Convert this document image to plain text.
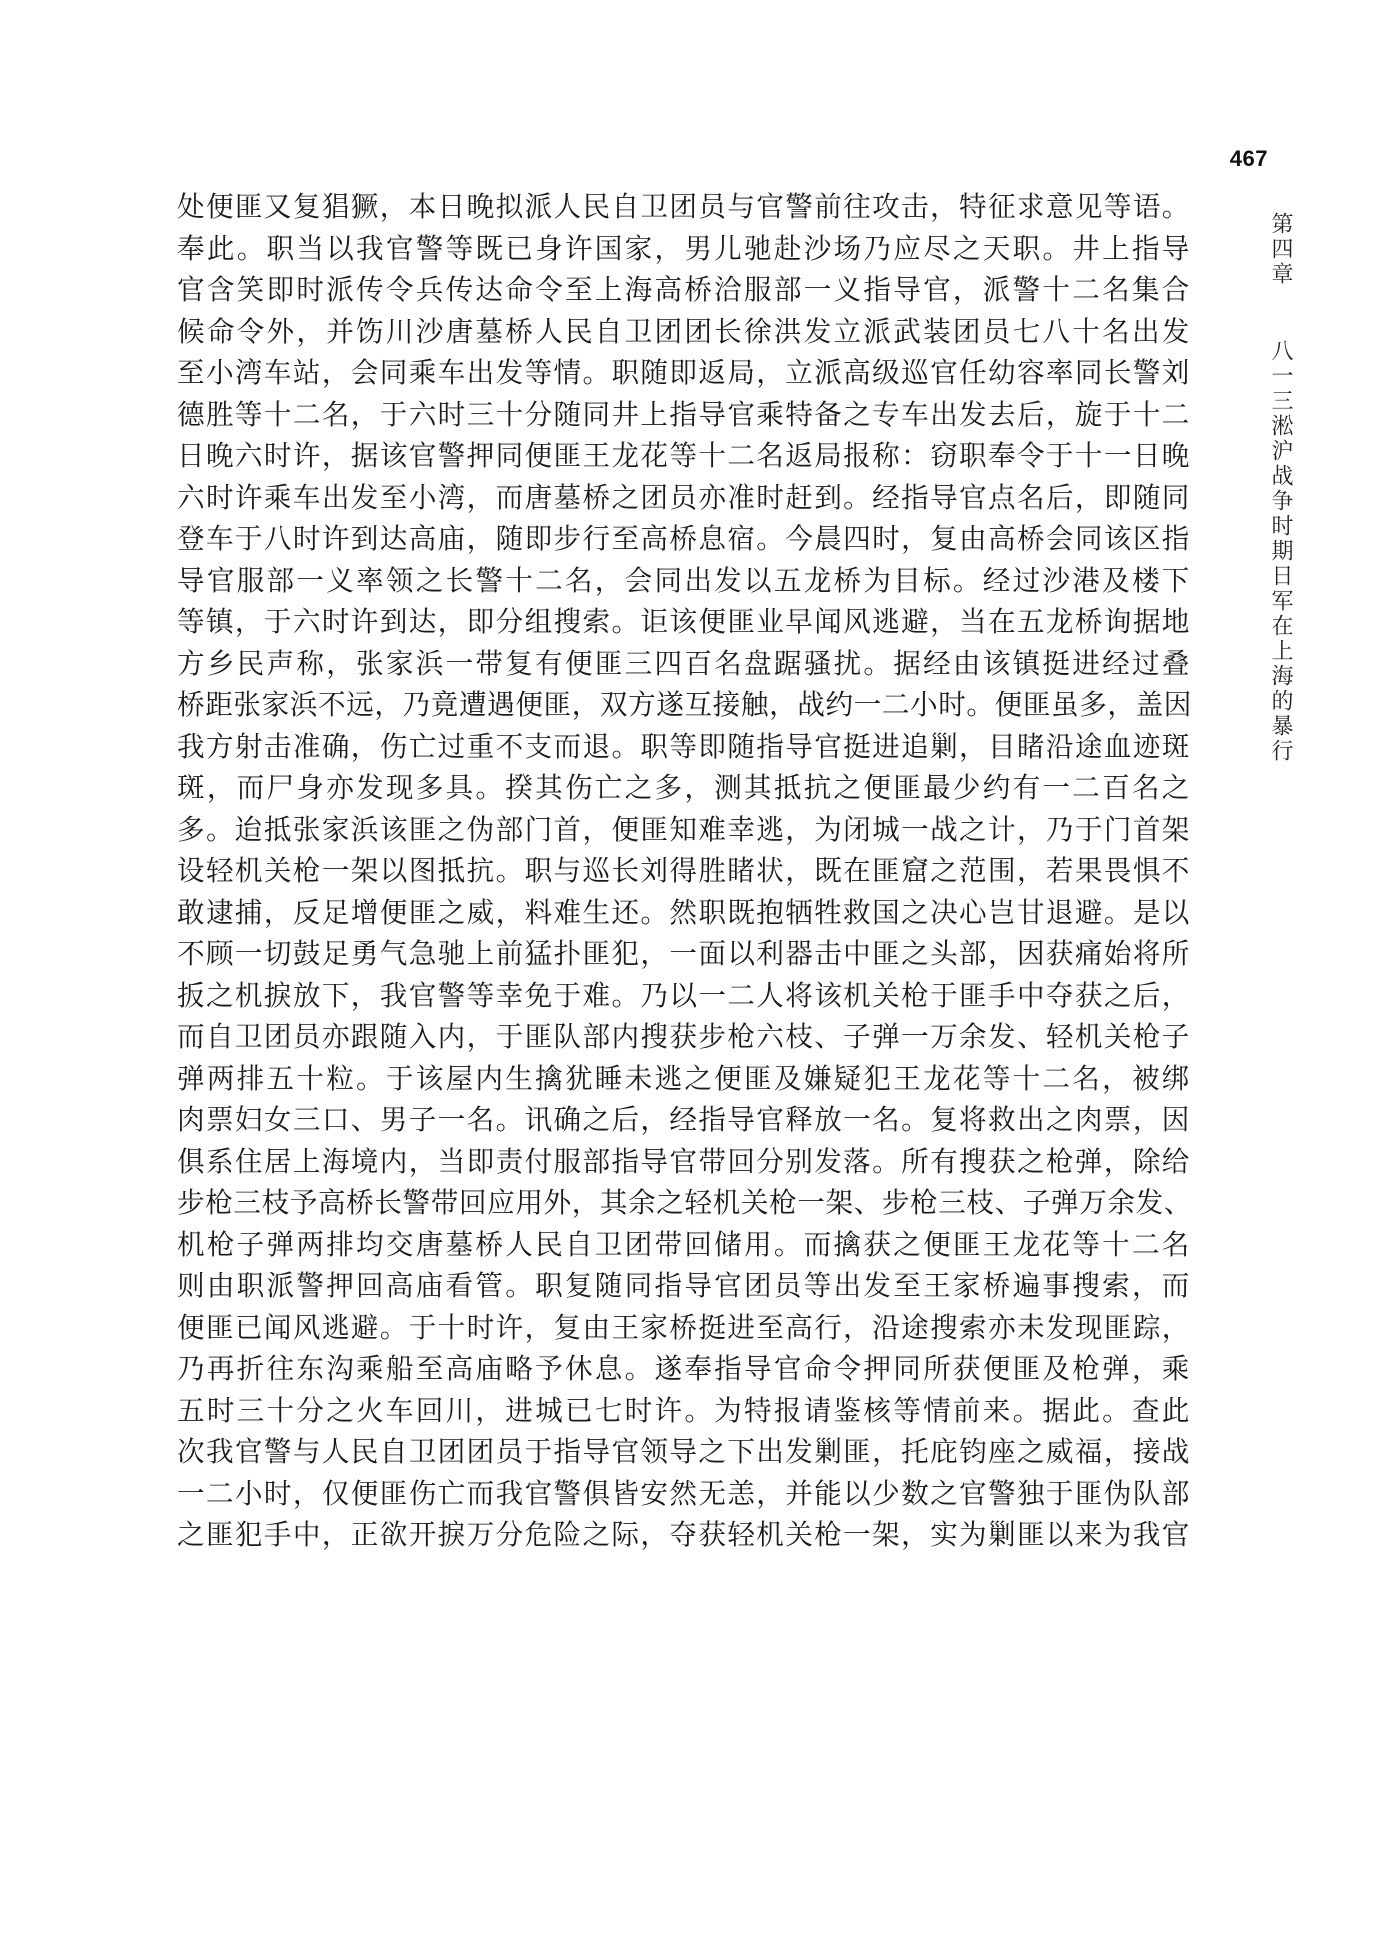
467
第四章 八一三淞沪战争时期日军在上海的暴行
处便匪又复猖獗，本日晚拟派人民自卫团员与官警前往攻击，特征求意见等语。
奉此。职当以我官警等既已身许国家，男儿驰赴沙场乃应尽之天职。井上指导
官含笑即时派传令兵传达命令至上海高桥洽服部一义指导官，派警十二名集合
候命令外，并饬川沙唐墓桥人民自卫团团长徐洪发立派武装团员七八十名出发
至小湾车站，会同乘车出发等情。职随即返局，立派高级巡官任幼容率同长警刘
德胜等十二名，于六时三十分随同井上指导官乘特备之专车出发去后，旋于十二
日晚六时许，据该官警押同便匪王龙花等十二名返局报称：窃职奉令于十一日晚
六时许乘车出发至小湾，而唐墓桥之团员亦准时赶到。经指导官点名后，即随同
登车于八时许到达高庙，随即步行至高桥息宿。今晨四时，复由高桥会同该区指
导官服部一义率领之长警十二名，会同出发以五龙桥为目标。经过沙港及楼下
等镇，于六时许到达，即分组搜索。讵该便匪业早闻风逃避，当在五龙桥询据地
方乡民声称，张家浜一带复有便匪三四百名盘踞骚扰。据经由该镇挺进经过叠
桥距张家浜不远，乃竟遭遇便匪，双方遂互接触，战约一二小时。便匪虽多，盖因
我方射击准确，伤亡过重不支而退。职等即随指导官挺进追剿，目睹沿途血迹斑
斑，而尸身亦发现多具。揆其伤亡之多，测其抵抗之便匪最少约有一二百名之
多。迨抵张家浜该匪之伪部门首，便匪知难幸逃，为闭城一战之计，乃于门首架
设轻机关枪一架以图抵抗。职与巡长刘得胜睹状，既在匪窟之范围，若果畏惧不
敢逮捕，反足增便匪之威，料难生还。然职既抱牺牲救国之决心岂甘退避。是以
不顾一切鼓足勇气急驰上前猛扑匪犯，一面以利器击中匪之头部，因获痛始将所
扳之机捩放下，我官警等幸免于难。乃以一二人将该机关枪于匪手中夺获之后，
而自卫团员亦跟随入内，于匪队部内搜获步枪六枝、子弹一万余发、轻机关枪子
弹两排五十粒。于该屋内生擒犹睡未逃之便匪及嫌疑犯王龙花等十二名，被绑
肉票妇女三口、男子一名。讯确之后，经指导官释放一名。复将救出之肉票，因
俱系住居上海境内，当即责付服部指导官带回分别发落。所有搜获之枪弹，除给
步枪三枝予高桥长警带回应用外，其余之轻机关枪一架、步枪三枝、子弹万余发、
机枪子弹两排均交唐墓桥人民自卫团带回储用。而擒获之便匪王龙花等十二名
则由职派警押回高庙看管。职复随同指导官团员等出发至王家桥遍事搜索，而
便匪已闻风逃避。于十时许，复由王家桥挺进至高行，沿途搜索亦未发现匪踪，
乃再折往东沟乘船至高庙略予休息。遂奉指导官命令押同所获便匪及枪弹，乘
五时三十分之火车回川，进城已七时许。为特报请鉴核等情前来。据此。查此
次我官警与人民自卫团团员于指导官领导之下出发剿匪，托庇钧座之威福，接战
一二小时，仅便匪伤亡而我官警俱皆安然无恙，并能以少数之官警独于匪伪队部
之匪犯手中，正欲开捩万分危险之际，夺获轻机关枪一架，实为剿匪以来为我官
